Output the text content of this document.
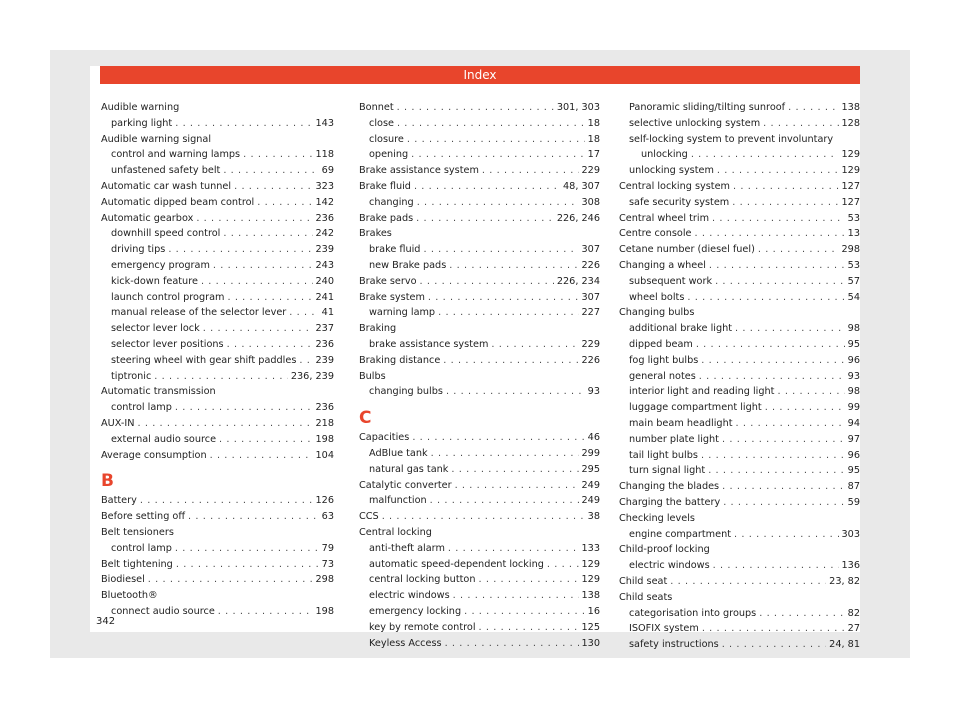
Index
Audible warning
parking light . . .	143
Audible warning signal
control and warning lamps . . .	118
unfastened safety belt . . .	69
Automatic car wash tunnel . . .	323
Automatic dipped beam control . . .	142
Automatic gearbox . . .	236
downhill speed control . . .	242
driving tips . . .	239
emergency program . . .	243
kick-down feature . . .	240
launch control program . . .	241
manual release of the selector lever . . .	41
selector lever lock . . .	237
selector lever positions . . .	236
steering wheel with gear shift paddles . . . 239
tiptronic . . .	236, 239
Automatic transmission
control lamp . . .	236
AUX-IN . . .	218
external audio source . . .	198
Average consumption . . .	104
B
Battery . . .	126
Before setting off . . .	63
Belt tensioners
control lamp . . .	79
Belt tightening . . .	73
Biodiesel . . .	298
Bluetooth®
connect audio source . . .	198
Bonnet . . .	301, 303
close . . .	18
closure . . .	18
opening . . .	17
Brake assistance system . . .	229
Brake fluid . . .	48, 307
changing . . .	308
Brake pads . . .	226, 246
Brakes
brake fluid . . .	307
new Brake pads . . .	226
Brake servo . . .	226, 234
Brake system . . .	307
warning lamp . . .	227
Braking
brake assistance system . . .	229
Braking distance . . .	226
Bulbs
changing bulbs . . .	93
C
Capacities . . .	46
AdBlue tank . . .	299
natural gas tank . . .	295
Catalytic converter . . .	249
malfunction . . .	249
CCS . . .	38
Central locking
anti-theft alarm . . .	133
automatic speed-dependent locking . . .	129
central locking button . . .	129
electric windows . . .	138
emergency locking . . .	16
key by remote control . . .	125
Keyless Access . . .	130
Panoramic sliding/tilting sunroof . . .	138
selective unlocking system . . .	128
self-locking system to prevent involuntary
unlocking . . .	129
unlocking system . . .	129
Central locking system . . .	127
safe security system . . .	127
Central wheel trim . . .	53
Centre console . . .	13
Cetane number (diesel fuel) . . .	298
Changing a wheel . . .	53
subsequent work . . .	57
wheel bolts . . .	54
Changing bulbs
additional brake light . . .	98
dipped beam . . .	95
fog light bulbs . . .	96
general notes . . .	93
interior light and reading light . . .	98
luggage compartment light . . .	99
main beam headlight . . .	94
number plate light . . .	97
tail light bulbs . . .	96
turn signal light . . .	95
Changing the blades . . .	87
Charging the battery . . .	59
Checking levels
engine compartment . . .	303
Child-proof locking
electric windows . . .	136
Child seat . . .	23, 82
Child seats
categorisation into groups . . .	82
ISOFIX system . . .	27
safety instructions . . .	24, 81
342
